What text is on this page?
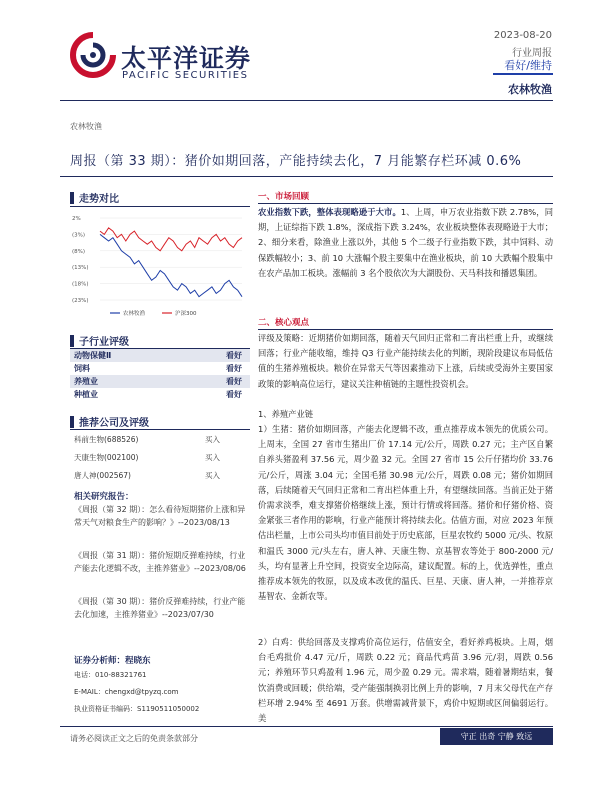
太平洋证券
PACIFIC SECURITIES
2023-08-20
行业周报
看好/维持
农林牧渔
农林牧渔
周报（第 33 期）：猪价如期回落，产能持续去化，7 月能繁存栏环减 0.6%
走势对比
2%
(3%)
(8%)
(13%)
(18%)
(23%)
农林牧渔	沪深300
子行业评级
动物保健Ⅱ	看好
饲料	看好
养殖业	看好
种植业	看好
推荐公司及评级
科前生物(688526)	买入
天康生物(002100)	买入
唐人神(002567)	买入
相关研究报告：
《周报（第 32 期）：怎么看待短期猪价上涨和异常天气对粮食生产的影响？》--2023/08/13
《周报（第 31 期）：猪价短期反弹难持续，行业产能去化逻辑不改，主推养猪业》--2023/08/06
《周报（第 30 期）：猪价反弹难持续，行业产能去化加速，主推养猪业》--2023/07/30
证券分析师：程晓东
电话：010-88321761
E-MAIL：chengxd@tpyzq.com
执业资格证书编码：S1190511050002
一、市场回顾
农业指数下跌，整体表现略逊于大市。1、上周，申万农业指数下跌 2.78%，同期，上证综指下跌 1.8%，深成指下跌 3.24%，农业板块整体表现略逊于大市；2、细分来看，除渔业上涨以外，其他 5 个二级子行业指数下跌，其中饲料、动保跌幅较小；3、前 10 大涨幅个股主要集中在渔业板块，前 10 大跌幅个股集中在农产品加工板块。涨幅前 3 名个股依次为大湖股份、天马科技和播恩集团。
二、核心观点
评级及策略：近期猪价如期回落，随着天气回归正常和二育出栏重上升，或继续回落；行业产能收缩，维持 Q3 行业产能持续去化的判断，现阶段建议布局低估值的生猪养殖板块。粮价在异常天气等因素推动下上涨，后续或受海外主要国家政策的影响高位运行，建议关注种植链的主题性投资机会。
1、养殖产业链
1）生猪：猪价如期回落，产能去化逻辑不改，重点推荐成本领先的优质公司。上周末，全国 27 省市生猪出厂价 17.14 元/公斤，周跌 0.27 元；主产区自繁自养头猪盈利 37.56 元，周少盈 32 元。全国 27 省市 15 公斤仔猪均价 33.76 元/公斤，周涨 3.04 元；全国毛猪 30.98 元/公斤，周跌 0.08 元；猪价如期回落，后续随着天气回归正常和二育出栏体重上升，有望继续回落。当前正处于猪价需求淡季，难支撑猪价格继续上涨，预计行情或将回落。猪价和仔猪价格、资金紧张三者作用的影响，行业产能预计将持续去化。估值方面，对应 2023 年预估出栏量，上市公司头均市值目前处于历史底部，巨星农牧约 5000 元/头、牧原和温氏 3000 元/头左右，唐人神、天康生物、京基智农等处于 800-2000 元/头，均有显著上升空间，投资安全边际高，建议配置。标的上，优选弹性，重点推荐成本领先的牧原，以及成本改优的温氏、巨星、天康、唐人神，一并推荐京基智农、金新农等。
2）白鸡：供给回落及支撑鸡价高位运行，估值安全，看好养鸡板块。上周，烟台毛鸡批价 4.47 元/斤，周跌 0.22 元；商品代鸡苗 3.96 元/羽，周跌 0.56 元；养殖环节只鸡盈利 1.96 元，周少盈 0.29 元。需求端，随着暑期结束，餐饮消费或回暖；供给端，受产能强制换羽比例上升的影响，7 月末父母代在产存栏环增 2.94% 至 4691 万套。供增需减背景下，鸡价中短期或区间偏弱运行。美
请务必阅读正文之后的免责条款部分	守正 出奇 宁静 致远
